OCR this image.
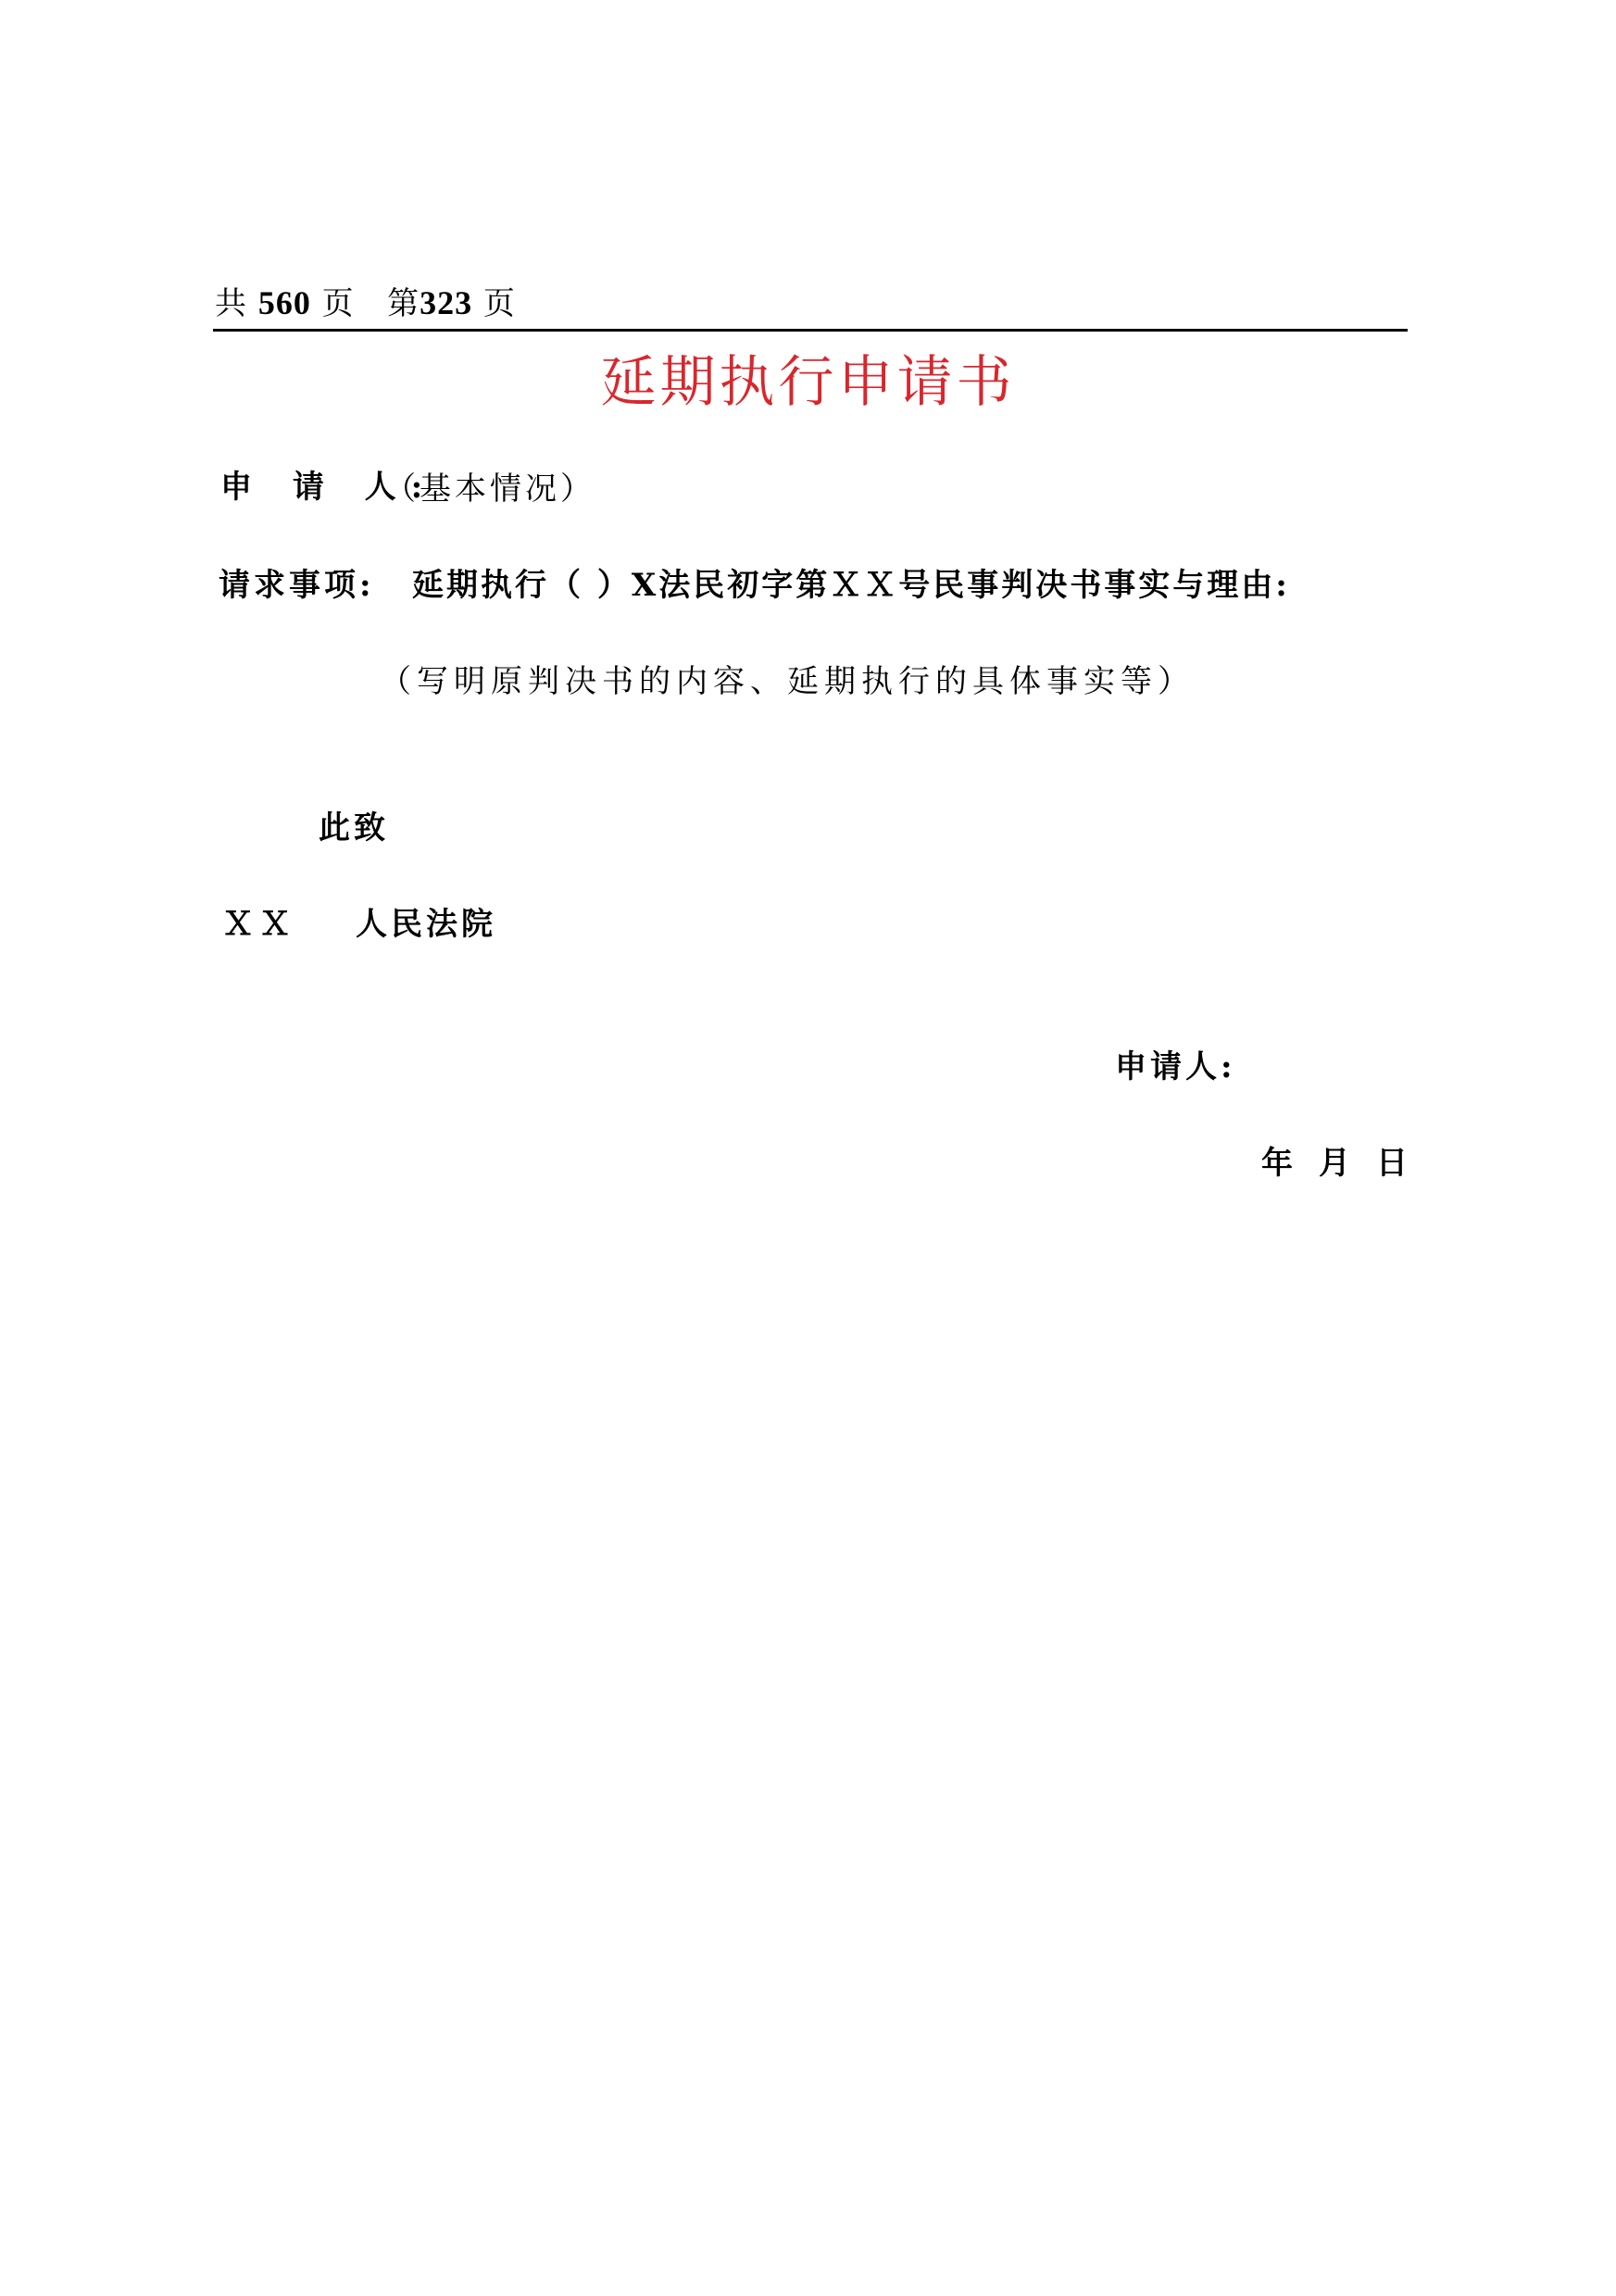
共 560 页 第323 页
延期执行申请书
申 请 人:
（基本情况）
请求事项: 延期执行（ ）X法民初字第ＸＸ号民事判决书事实与理由:
（写明原判决书的内容、延期执行的具体事实等）
此致
ＸＸ 人民法院
申请人:
年 月 日
